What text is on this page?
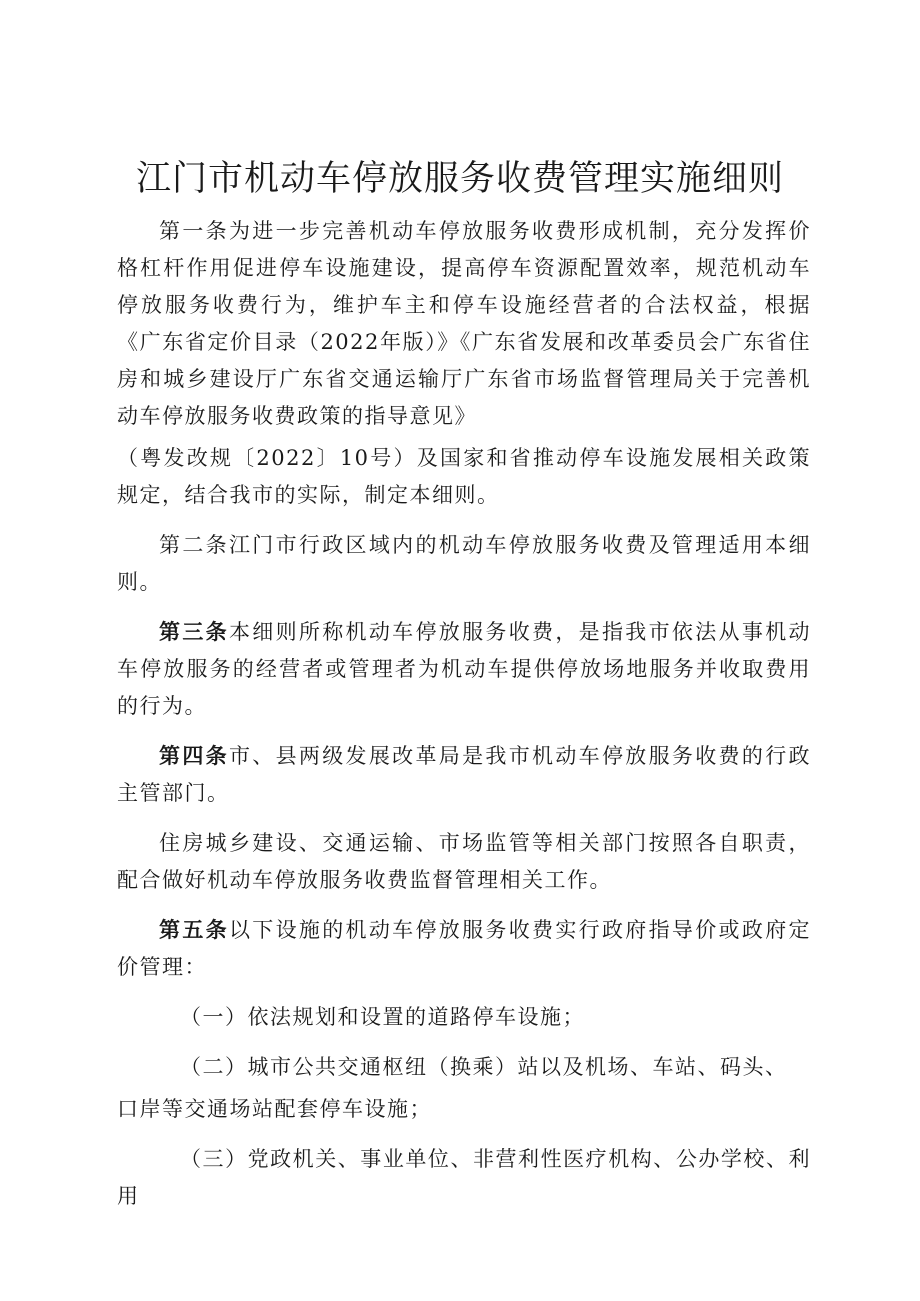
江门市机动车停放服务收费管理实施细则

第一条为进一步完善机动车停放服务收费形成机制，充分发挥价格杠杆作用促进停车设施建设，提高停车资源配置效率，规范机动车停放服务收费行为，维护车主和停车设施经营者的合法权益，根据《广东省定价目录（2022年版）》《广东省发展和改革委员会广东省住房和城乡建设厅广东省交通运输厅广东省市场监督管理局关于完善机动车停放服务收费政策的指导意见》

（粤发改规〔2022〕10号）及国家和省推动停车设施发展相关政策规定，结合我市的实际，制定本细则。

第二条江门市行政区域内的机动车停放服务收费及管理适用本细则。

第三条本细则所称机动车停放服务收费，是指我市依法从事机动车停放服务的经营者或管理者为机动车提供停放场地服务并收取费用的行为。

第四条市、县两级发展改革局是我市机动车停放服务收费的行政主管部门。

住房城乡建设、交通运输、市场监管等相关部门按照各自职责，配合做好机动车停放服务收费监督管理相关工作。

第五条以下设施的机动车停放服务收费实行政府指导价或政府定价管理：

（一）依法规划和设置的道路停车设施；

（二）城市公共交通枢纽（换乘）站以及机场、车站、码头、

口岸等交通场站配套停车设施；

（三）党政机关、事业单位、非营利性医疗机构、公办学校、利用
